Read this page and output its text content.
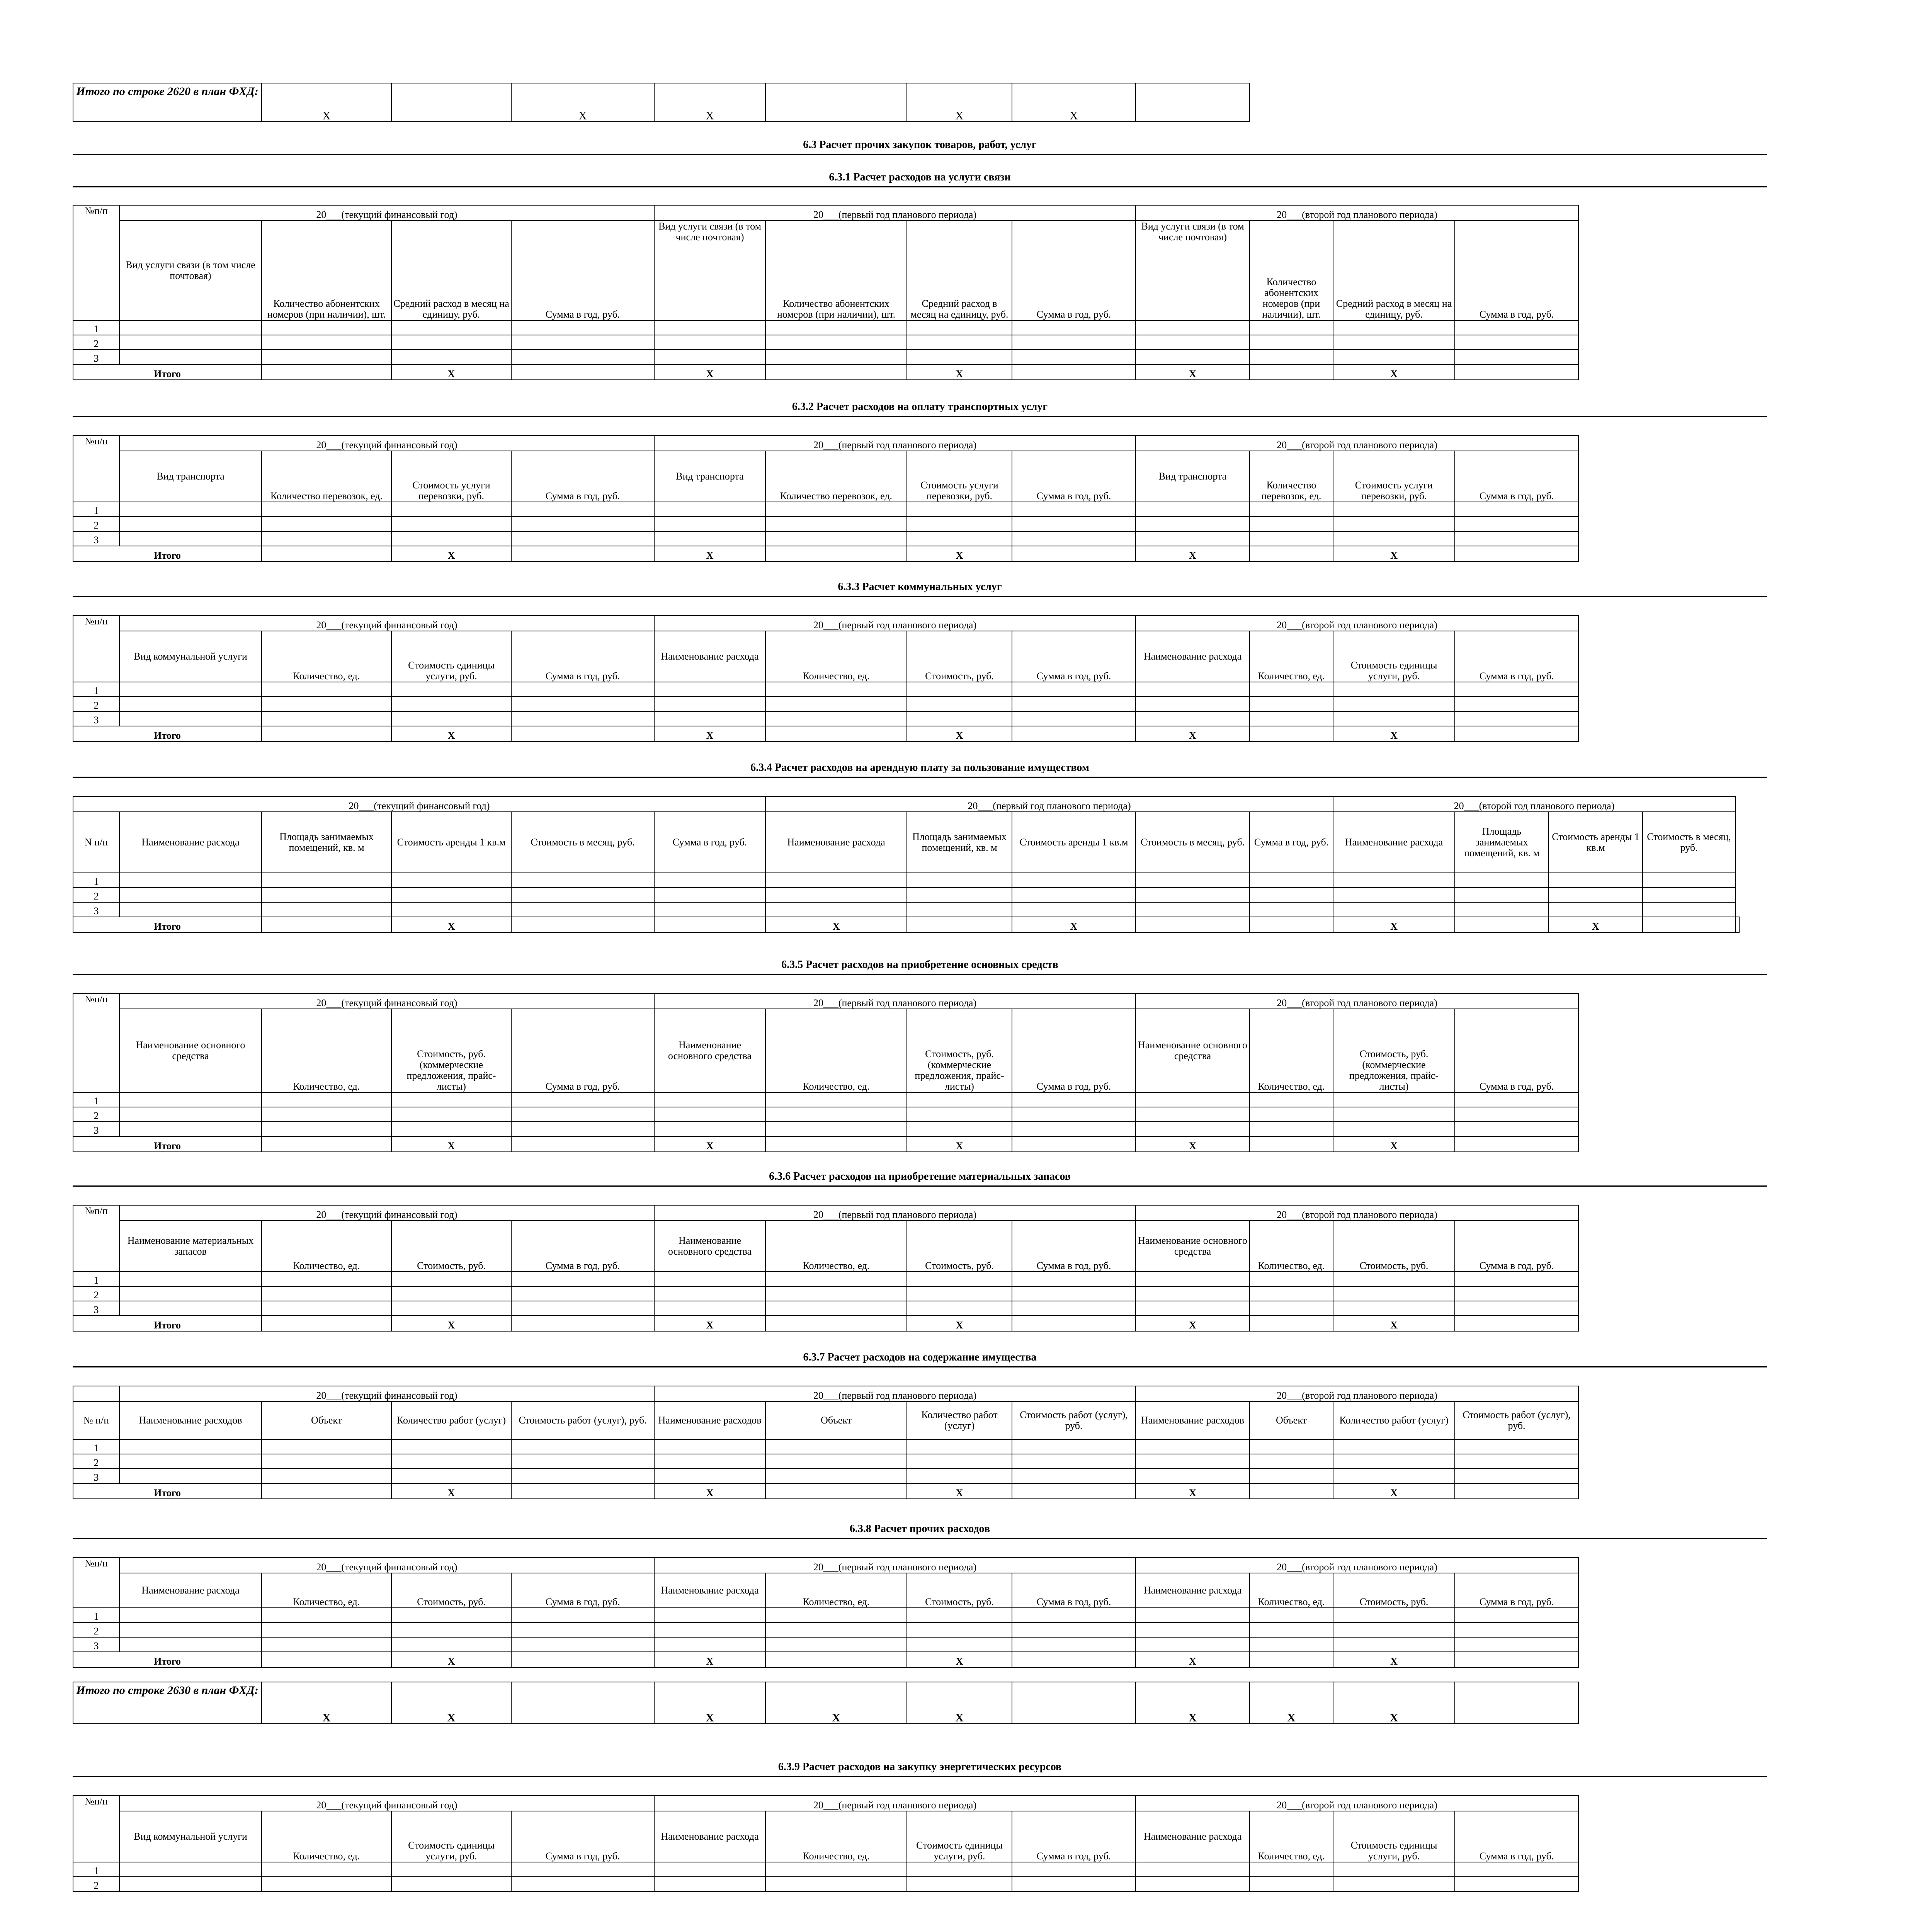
Итого по строке 2620 в план ФХД:	X		X	X		X	X	
6.3 Расчет прочих закупок товаров, работ, услуг
6.3.1 Расчет расходов на услуги связи
№п/п	20___(текущий финансовый год)				20___(первый год планового периода)				20___(второй год планового периода)			
	Вид услуги связи (в том числе почтовая)	Количество абонентских номеров (при наличии), шт.	Средний расход в месяц на единицу, руб.	Сумма в год, руб.	Вид услуги связи (в том числе почтовая)	Количество абонентских номеров (при наличии), шт.	Средний расход в месяц на единицу, руб.	Сумма в год, руб.	Вид услуги связи (в том числе почтовая)	Количество абонентских номеров (при наличии), шт.	Средний расход в месяц на единицу, руб.	Сумма в год, руб.
1												
2												
3												
Итого			X		X		X		X		X	
6.3.2 Расчет расходов на оплату транспортных услуг
№п/п	20___(текущий финансовый год)				20___(первый год планового периода)				20___(второй год планового периода)			
	Вид транспорта	Количество перевозок, ед.	Стоимость услуги перевозки, руб.	Сумма в год, руб.	Вид транспорта	Количество перевозок, ед.	Стоимость услуги перевозки, руб.	Сумма в год, руб.	Вид транспорта	Количество перевозок, ед.	Стоимость услуги перевозки, руб.	Сумма в год, руб.
1												
2												
3												
Итого			X		X		X		X		X	
6.3.3 Расчет коммунальных услуг
№п/п	20___(текущий финансовый год)				20___(первый год планового периода)				20___(второй год планового периода)			
	Вид коммунальной услуги	Количество, ед.	Стоимость единицы услуги, руб.	Сумма в год, руб.	Наименование расхода	Количество, ед.	Стоимость, руб.	Сумма в год, руб.	Наименование расхода	Количество, ед.	Стоимость единицы услуги, руб.	Сумма в год, руб.
1												
2												
3												
Итого			X		X		X		X		X	
6.3.4 Расчет расходов на арендную плату за пользование имуществом
20___(текущий финансовый год)						20___(первый год планового периода)					20___(второй год планового периода)				
N п/п	Наименование расхода	Площадь занимаемых помещений, кв. м	Стоимость аренды 1 кв.м	Стоимость в месяц, руб.	Сумма в год, руб.	Наименование расхода	Площадь занимаемых помещений, кв. м	Стоимость аренды 1 кв.м	Стоимость в месяц, руб.	Сумма в год, руб.	Наименование расхода	Площадь занимаемых помещений, кв. м	Стоимость аренды 1 кв.м	Стоимость в месяц, руб.	
1															
2															
3															
Итого			X			X		X			X		X		
6.3.5 Расчет расходов на приобретение основных средств
№п/п	20___(текущий финансовый год)				20___(первый год планового периода)				20___(второй год планового периода)			
	Наименование основного средства	Количество, ед.	Стоимость, руб. (коммерческие предложения, прайс-листы)	Сумма в год, руб.	Наименование основного средства	Количество, ед.	Стоимость, руб. (коммерческие предложения, прайс-листы)	Сумма в год, руб.	Наименование основного средства	Количество, ед.	Стоимость, руб. (коммерческие предложения, прайс-листы)	Сумма в год, руб.
1												
2												
3												
Итого			X		X		X		X		X	
6.3.6 Расчет расходов на приобретение материальных запасов
№п/п	20___(текущий финансовый год)				20___(первый год планового периода)				20___(второй год планового периода)			
	Наименование материальных запасов	Количество, ед.	Стоимость, руб.	Сумма в год, руб.	Наименование основного средства	Количество, ед.	Стоимость, руб.	Сумма в год, руб.	Наименование основного средства	Количество, ед.	Стоимость, руб.	Сумма в год, руб.
1												
2												
3												
Итого			X		X		X		X		X	
6.3.7 Расчет расходов на содержание имущества
	20___(текущий финансовый год)				20___(первый год планового периода)				20___(второй год планового периода)			
№ п/п	Наименование расходов	Объект	Количество работ (услуг)	Стоимость работ (услуг), руб.	Наименование расходов	Объект	Количество работ (услуг)	Стоимость работ (услуг), руб.	Наименование расходов	Объект	Количество работ (услуг)	Стоимость работ (услуг), руб.
1												
2												
3												
Итого			X		X		X		X		X	
6.3.8 Расчет прочих расходов
№п/п	20___(текущий финансовый год)				20___(первый год планового периода)				20___(второй год планового периода)			
	Наименование расхода	Количество, ед.	Стоимость, руб.	Сумма в год, руб.	Наименование расхода	Количество, ед.	Стоимость, руб.	Сумма в год, руб.	Наименование расхода	Количество, ед.	Стоимость, руб.	Сумма в год, руб.
1												
2												
3												
Итого			X		X		X		X		X	
Итого по строке 2630 в план ФХД:	X	X		X	X	X		X	X	X	
6.3.9 Расчет расходов на закупку энергетических ресурсов
№п/п	20___(текущий финансовый год)				20___(первый год планового периода)				20___(второй год планового периода)			
	Вид коммунальной услуги	Количество, ед.	Стоимость единицы услуги, руб.	Сумма в год, руб.	Наименование расхода	Количество, ед.	Стоимость единицы услуги, руб.	Сумма в год, руб.	Наименование расхода	Количество, ед.	Стоимость единицы услуги, руб.	Сумма в год, руб.
1												
2												
